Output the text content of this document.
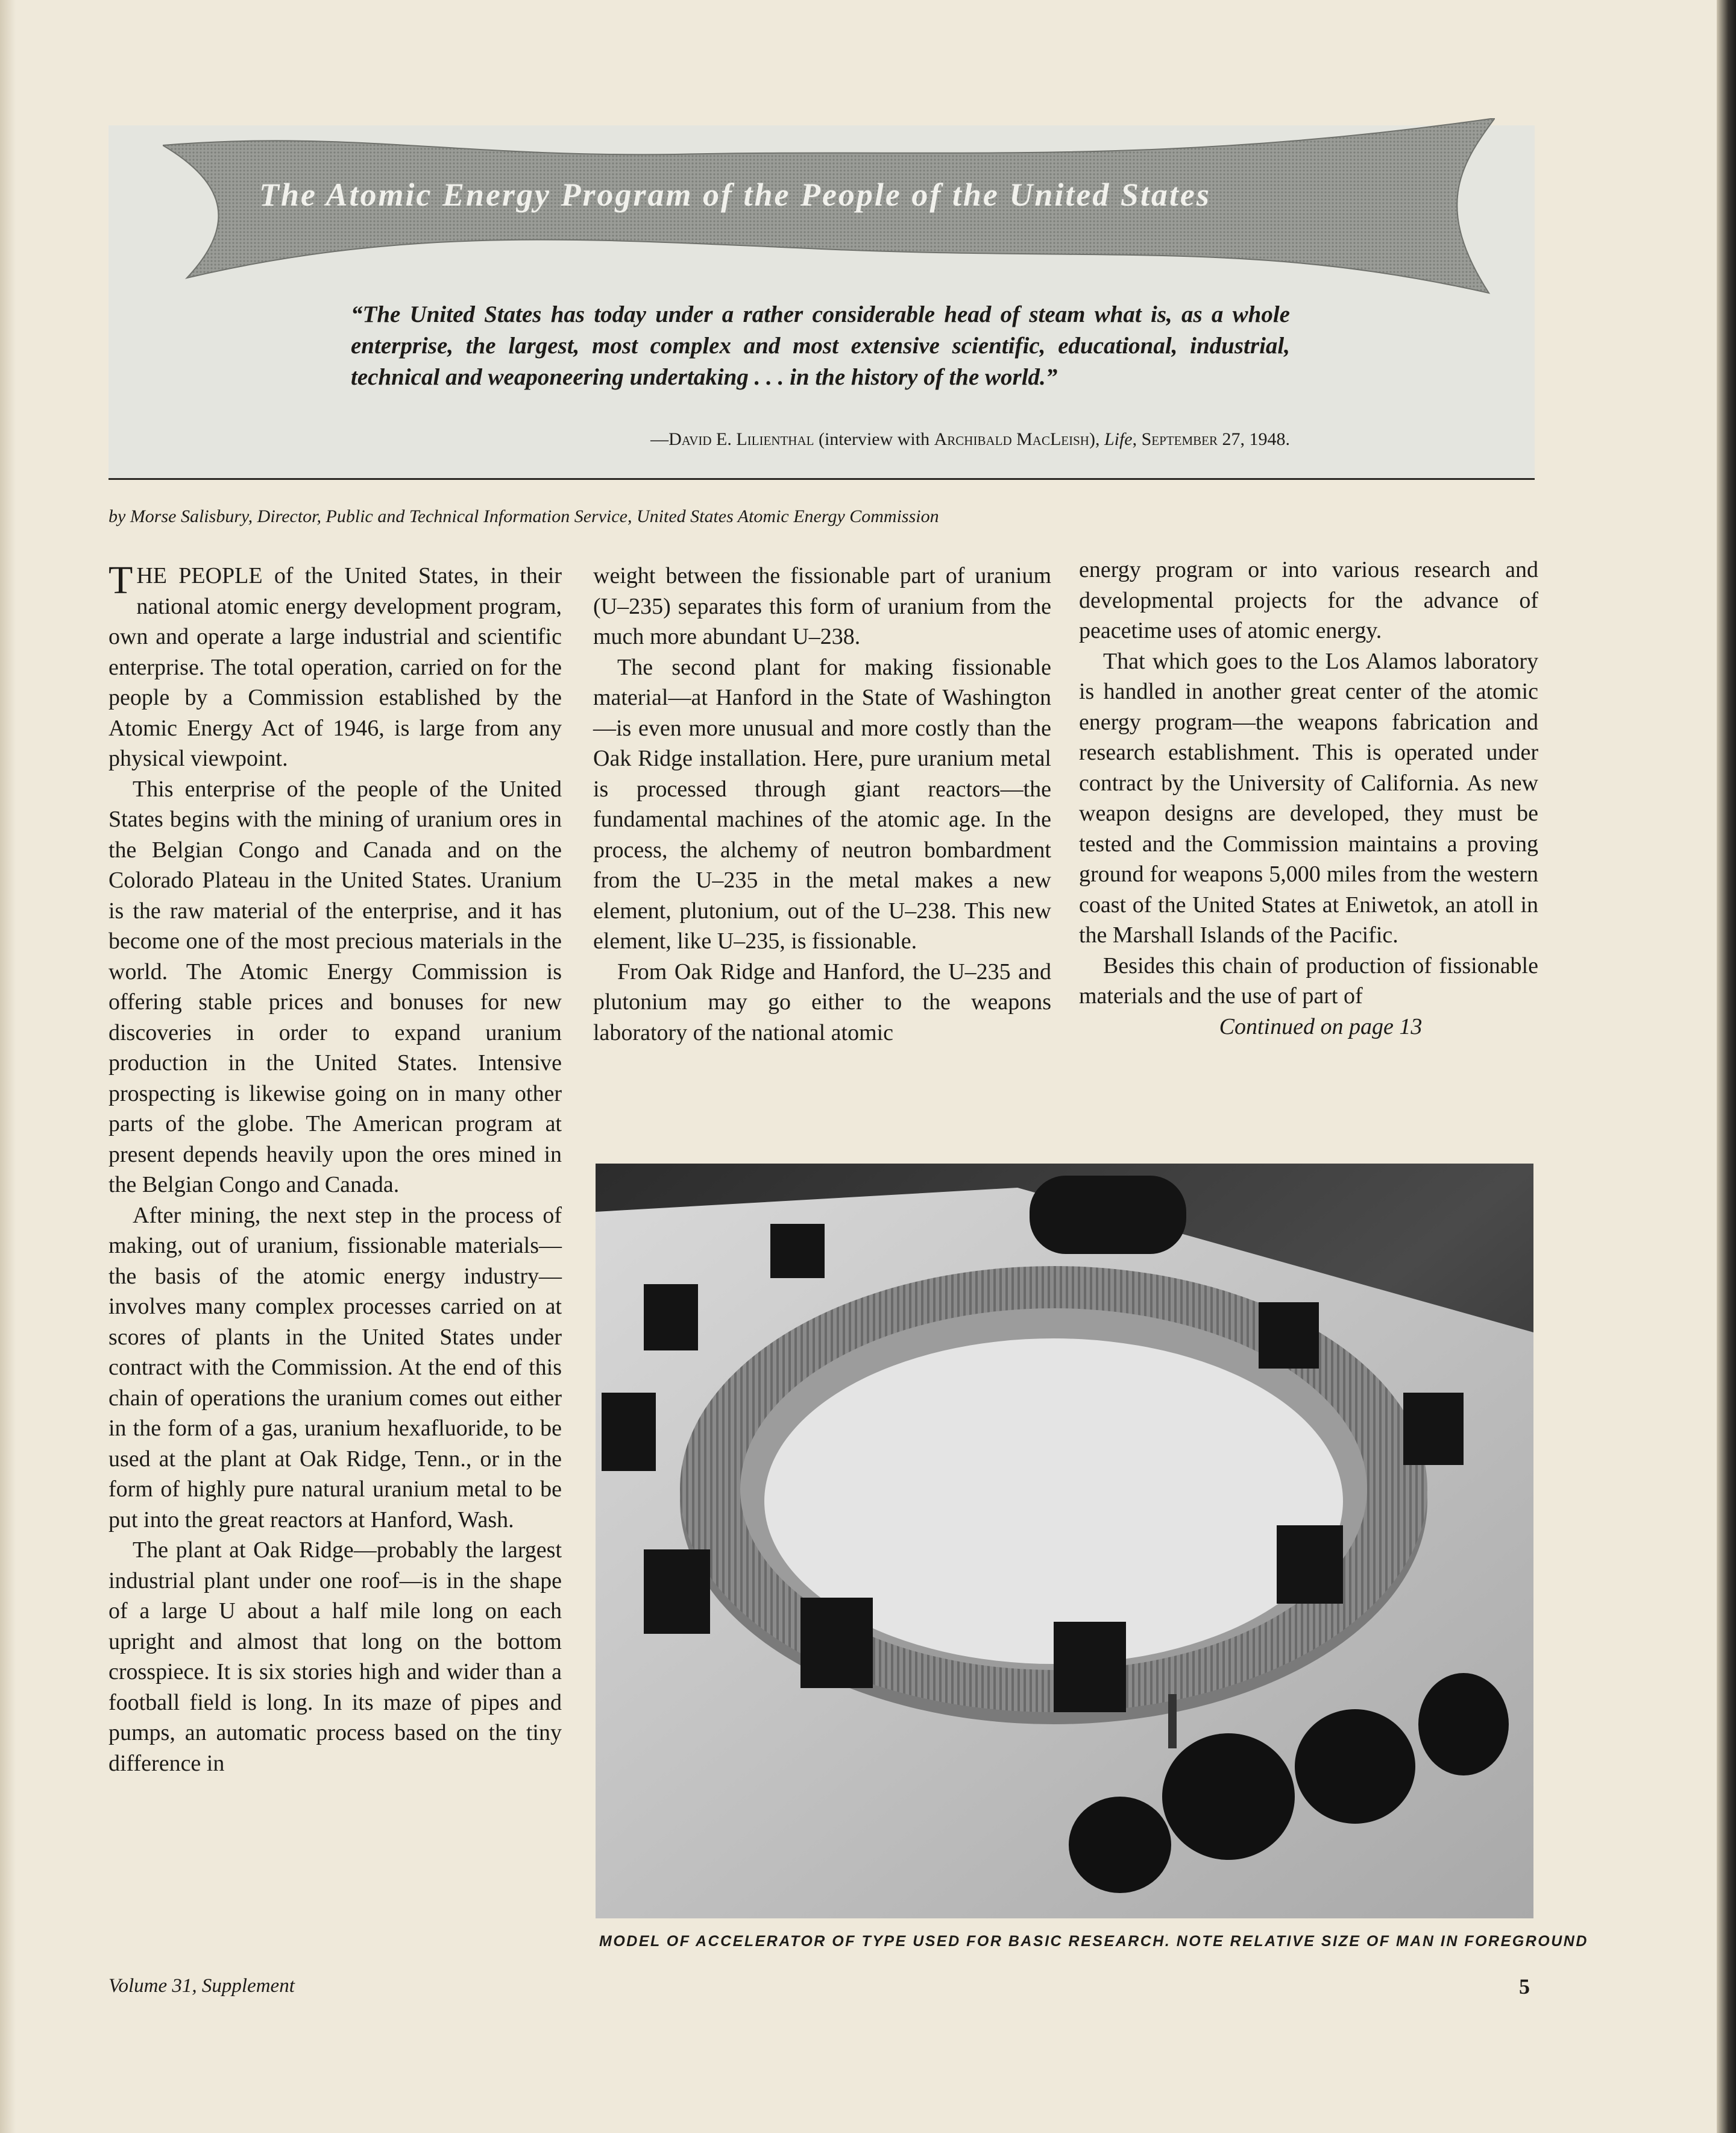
The Atomic Energy Program of the People of the United States
“The United States has today under a rather considerable head of steam what is, as a whole enterprise, the largest, most complex and most extensive scientific, educational, industrial, technical and weaponeering undertaking . . . in the history of the world.”
—David E. Lilienthal (interview with Archibald MacLeish), Life, September 27, 1948.
by Morse Salisbury, Director, Public and Technical Information Service, United States Atomic Energy Commission

THE PEOPLE of the United States, in their national atomic energy development program, own and operate a large industrial and scientific enterprise. The total operation, carried on for the people by a Commission established by the Atomic Energy Act of 1946, is large from any physical viewpoint.

This enterprise of the people of the United States begins with the mining of uranium ores in the Belgian Congo and Canada and on the Colorado Plateau in the United States. Uranium is the raw material of the enterprise, and it has become one of the most precious materials in the world. The Atomic Energy Commission is offering stable prices and bonuses for new discoveries in order to expand uranium production in the United States. Intensive prospecting is likewise going on in many other parts of the globe. The American program at present depends heavily upon the ores mined in the Belgian Congo and Canada.

After mining, the next step in the process of making, out of uranium, fissionable materials—the basis of the atomic energy industry—involves many complex processes carried on at scores of plants in the United States under contract with the Commission. At the end of this chain of operations the uranium comes out either in the form of a gas, uranium hexafluoride, to be used at the plant at Oak Ridge, Tenn., or in the form of highly pure natural uranium metal to be put into the great reactors at Hanford, Wash.

The plant at Oak Ridge—probably the largest industrial plant under one roof—is in the shape of a large U about a half mile long on each upright and almost that long on the bottom crosspiece. It is six stories high and wider than a football field is long. In its maze of pipes and pumps, an automatic process based on the tiny difference in

weight between the fissionable part of uranium (U–235) separates this form of uranium from the much more abundant U–238.

The second plant for making fissionable material—at Hanford in the State of Washington—is even more unusual and more costly than the Oak Ridge installation. Here, pure uranium metal is processed through giant reactors—the fundamental machines of the atomic age. In the process, the alchemy of neutron bombardment from the U–235 in the metal makes a new element, plutonium, out of the U–238. This new element, like U–235, is fissionable.

From Oak Ridge and Hanford, the U–235 and plutonium may go either to the weapons laboratory of the national atomic

energy program or into various research and developmental projects for the advance of peacetime uses of atomic energy.

That which goes to the Los Alamos laboratory is handled in another great center of the atomic energy program—the weapons fabrication and research establishment. This is operated under contract by the University of California. As new weapon designs are developed, they must be tested and the Commission maintains a proving ground for weapons 5,000 miles from the western coast of the United States at Eniwetok, an atoll in the Marshall Islands of the Pacific.

Besides this chain of production of fissionable materials and the use of part of

Continued on page 13

MODEL OF ACCELERATOR OF TYPE USED FOR BASIC RESEARCH. NOTE RELATIVE SIZE OF MAN IN FOREGROUND
Volume 31, Supplement	5
